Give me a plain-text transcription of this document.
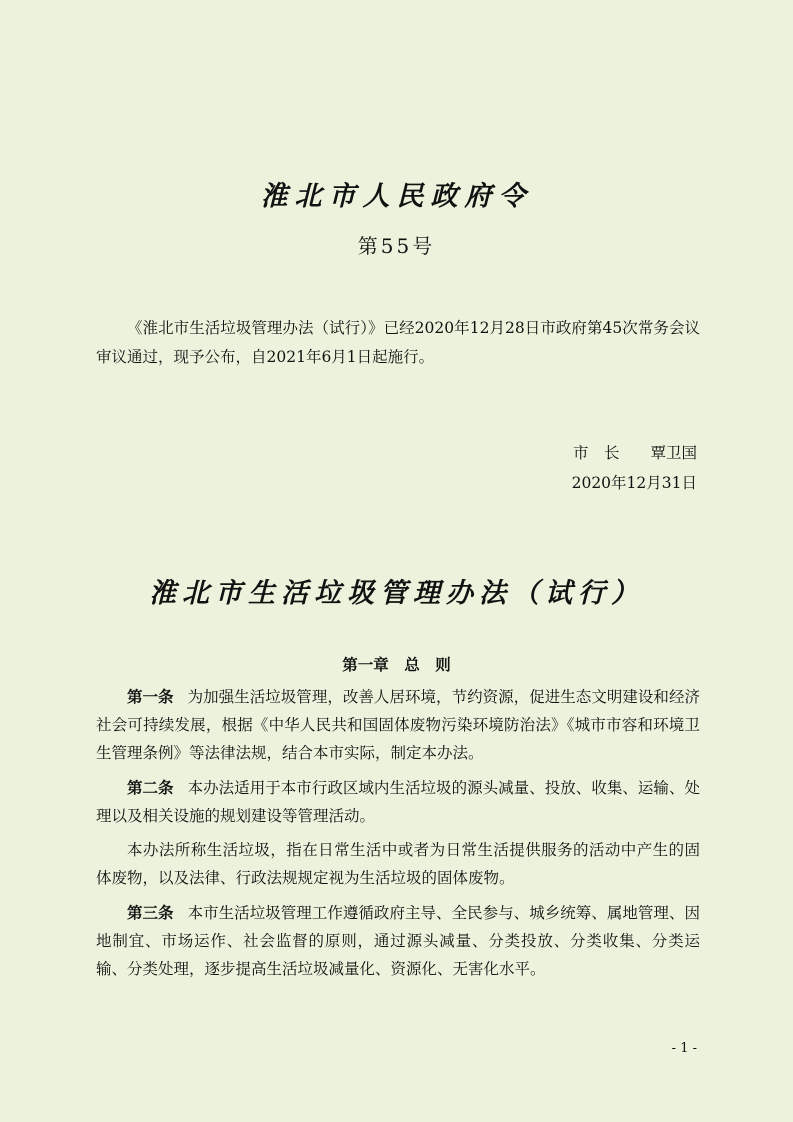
淮北市人民政府令
第55号
《淮北市生活垃圾管理办法（试行）》已经2020年12月28日市政府第45次常务会议审议通过，现予公布，自2021年6月1日起施行。
市　长　　覃卫国
2020年12月31日
淮北市生活垃圾管理办法（试行）
第一章　总　则
第一条 为加强生活垃圾管理，改善人居环境，节约资源，促进生态文明建设和经济社会可持续发展，根据《中华人民共和国固体废物污染环境防治法》《城市市容和环境卫生管理条例》等法律法规，结合本市实际，制定本办法。
第二条 本办法适用于本市行政区域内生活垃圾的源头减量、投放、收集、运输、处理以及相关设施的规划建设等管理活动。
本办法所称生活垃圾，指在日常生活中或者为日常生活提供服务的活动中产生的固体废物，以及法律、行政法规规定视为生活垃圾的固体废物。
第三条 本市生活垃圾管理工作遵循政府主导、全民参与、城乡统筹、属地管理、因地制宜、市场运作、社会监督的原则，通过源头减量、分类投放、分类收集、分类运输、分类处理，逐步提高生活垃圾减量化、资源化、无害化水平。
- 1 -
